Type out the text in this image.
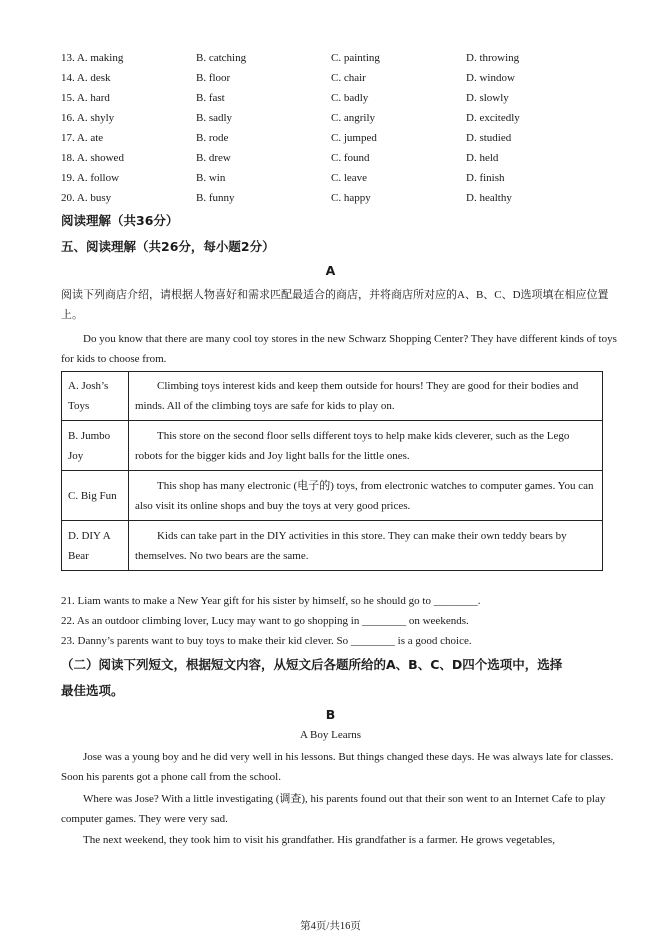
13. A. making	B. catching	C. painting	D. throwing
14. A. desk	B. floor	C. chair	D. window
15. A. hard	B. fast	C. badly	D. slowly
16. A. shyly	B. sadly	C. angrily	D. excitedly
17. A. ate	B. rode	C. jumped	D. studied
18. A. showed	B. drew	C. found	D. held
19. A. follow	B. win	C. leave	D. finish
20. A. busy	B. funny	C. happy	D. healthy
阅读理解（共36分）
五、阅读理解（共26分，每小题2分）
A
阅读下列商店介绍，请根据人物喜好和需求匹配最适合的商店，并将商店所对应的A、B、C、D选项填在相应位置上。
Do you know that there are many cool toy stores in the new Schwarz Shopping Center? They have different kinds of toys for kids to choose from.
A. Josh’s Toys	Climbing toys interest kids and keep them outside for hours! They are good for their bodies and minds. All of the climbing toys are safe for kids to play on.
B. Jumbo Joy	This store on the second floor sells different toys to help make kids cleverer, such as the Lego robots for the bigger kids and Joy light balls for the little ones.
C. Big Fun	This shop has many electronic (电子的) toys, from electronic watches to computer games. You can also visit its online shops and buy the toys at very good prices.
D. DIY A Bear	Kids can take part in the DIY activities in this store. They can make their own teddy bears by themselves. No two bears are the same.
21. Liam wants to make a New Year gift for his sister by himself, so he should go to ________.
22. As an outdoor climbing lover, Lucy may want to go shopping in ________ on weekends.
23. Danny’s parents want to buy toys to make their kid clever. So ________ is a good choice.
（二）阅读下列短文，根据短文内容，从短文后各题所给的A、B、C、D四个选项中，选择
最佳选项。
B
A Boy Learns
Jose was a young boy and he did very well in his lessons. But things changed these days. He was always late for classes. Soon his parents got a phone call from the school.
Where was Jose? With a little investigating (调查), his parents found out that their son went to an Internet Cafe to play computer games. They were very sad.
The next weekend, they took him to visit his grandfather. His grandfather is a farmer. He grows vegetables,
第4页/共16页
